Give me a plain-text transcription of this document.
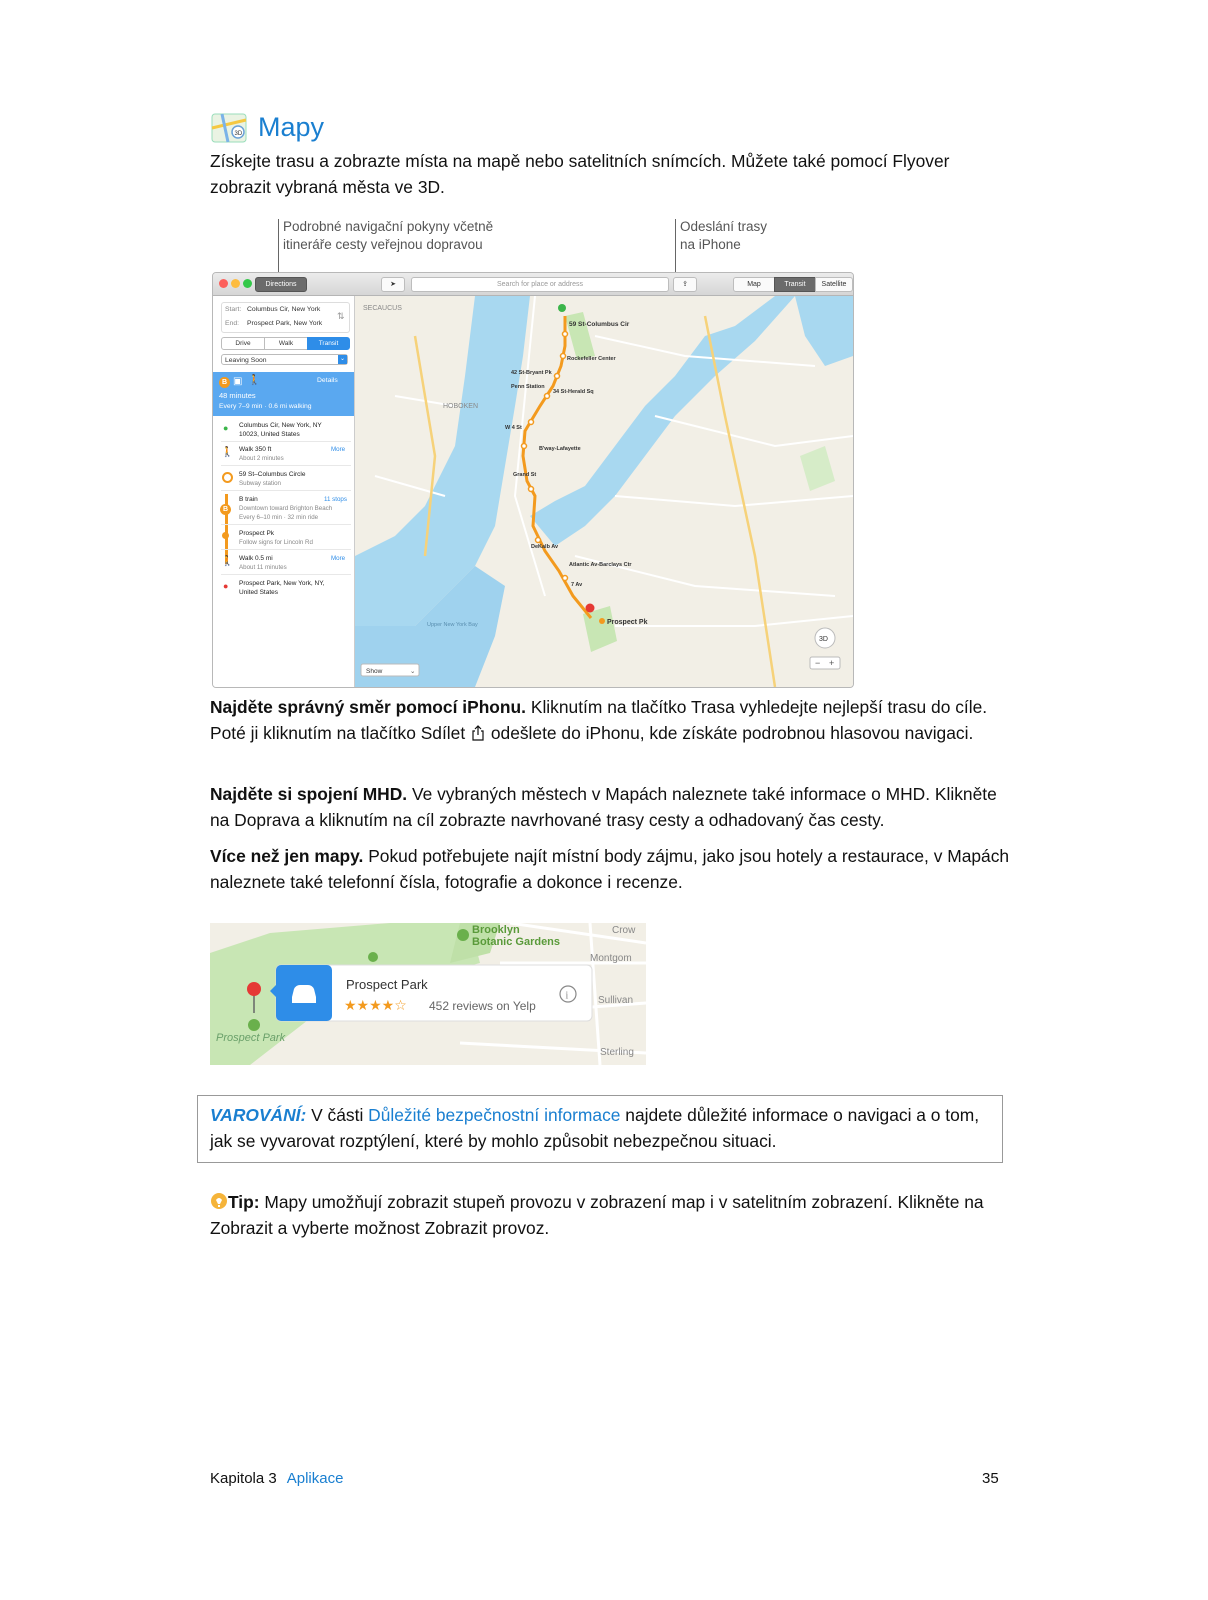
3D Mapy
Získejte trasu a zobrazte místa na mapě nebo satelitních snímcích. Můžete také pomocí Flyover zobrazit vybraná města ve 3D.
Podrobné navigační pokyny včetně
itineráře cesty veřejnou dopravou
Odeslání trasy
na iPhone
Directions	➤	Search for place or address	⇪	Map	Transit	Satellite
Start: Columbus Cir, New York
End: Prospect Park, New York
⇅
Drive	Walk	Transit
Leaving Soon	⌄
B ▣ 🚶	Details
48 minutes
Every 7–9 min · 0.6 mi walking
● Columbus Cir, New York, NY
10023, United States
🚶 Walk 350 ft
About 2 minutes
More
59 St–Columbus Circle
Subway station
B
B train
Downtown toward Brighton Beach
Every 6–10 min · 32 min ride
11 stops
Prospect Pk
Follow signs for Lincoln Rd
🚶 Walk 0.5 mi
About 11 minutes
More
● Prospect Park, New York, NY,
United States
SECAUCUS
HOBOKEN
59 St-Columbus Cir
Rockefeller Center
42 St-Bryant Pk
Penn Station
34 St-Herald Sq
W 4 St
B'way-Lafayette
Grand St
DeKalb Av
Atlantic Av-Barclays Ctr
7 Av
Prospect Pk
Upper New York Bay
Show	⌄
3D
− +
Najděte správný směr pomocí iPhonu. Kliknutím na tlačítko Trasa vyhledejte nejlepší trasu do cíle. Poté ji kliknutím na tlačítko Sdílet  odešlete do iPhonu, kde získáte podrobnou hlasovou navigaci.
Najděte si spojení MHD. Ve vybraných městech v Mapách naleznete také informace o MHD. Klikněte na Doprava a kliknutím na cíl zobrazte navrhované trasy cesty a odhadovaný čas cesty.
Více než jen mapy. Pokud potřebujete najít místní body zájmu, jako jsou hotely a restaurace, v Mapách naleznete také telefonní čísla, fotografie a dokonce i recenze.
Brooklyn
Botanic Gardens
Crow
Montgom
Sullivan
Sterling
Prospect Park
Prospect Park
★★★★☆ 452 reviews on Yelp
i
VAROVÁNÍ: V části Důležité bezpečnostní informace najdete důležité informace o navigaci a o tom, jak se vyvarovat rozptýlení, které by mohlo způsobit nebezpečnou situaci.
Tip: Mapy umožňují zobrazit stupeň provozu v zobrazení map i v satelitním zobrazení. Klikněte na Zobrazit a vyberte možnost Zobrazit provoz.
Kapitola 3 Aplikace	35
